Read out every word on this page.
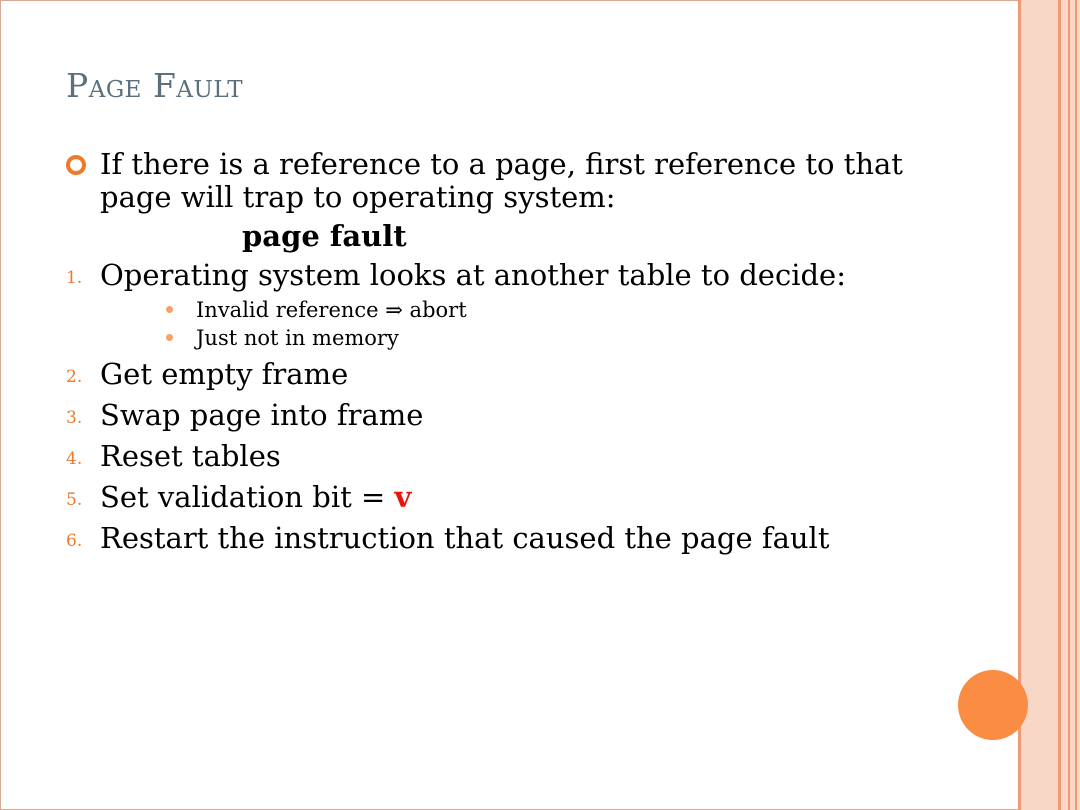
Page Fault
If there is a reference to a page, first reference to that page will trap to operating system:
page fault
1. Operating system looks at another table to decide:
Invalid reference ⇒ abort
Just not in memory
2. Get empty frame
3. Swap page into frame
4. Reset tables
5. Set validation bit = v
6. Restart the instruction that caused the page fault
